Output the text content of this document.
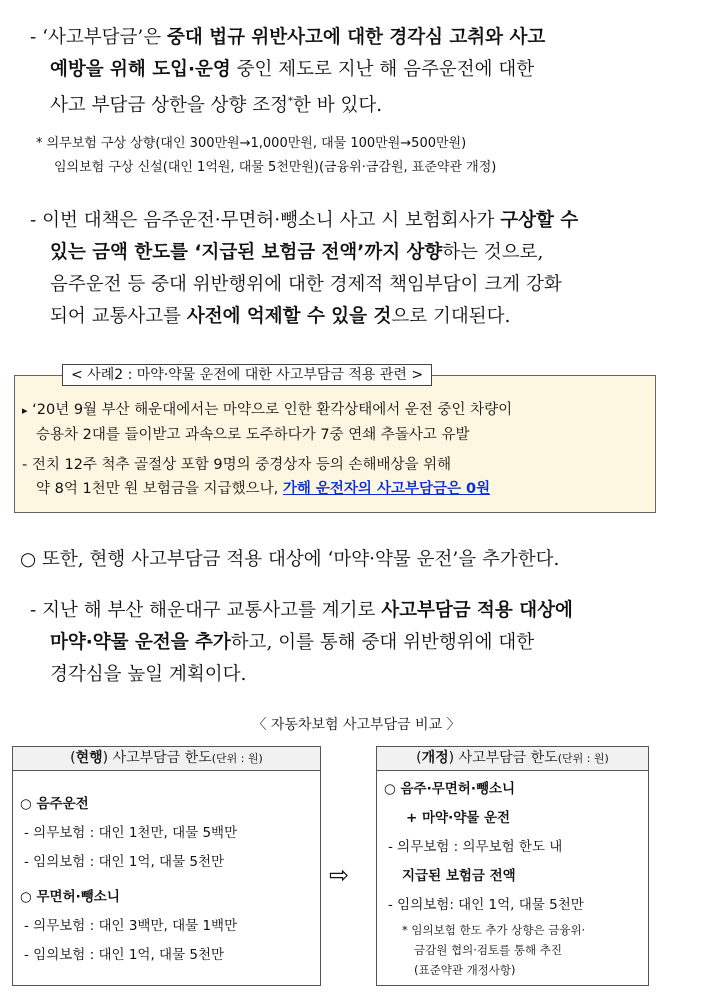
- ‘사고부담금’은 중대 법규 위반사고에 대한 경각심 고취와 사고
예방을 위해 도입·운영 중인 제도로 지난 해 음주운전에 대한
사고 부담금 상한을 상향 조정*한 바 있다.
* 의무보험 구상 상향(대인 300만원→1,000만원, 대물 100만원→500만원)
임의보험 구상 신설(대인 1억원, 대물 5천만원)(금융위·금감원, 표준약관 개정)
- 이번 대책은 음주운전·무면허·뺑소니 사고 시 보험회사가 구상할 수
있는 금액 한도를 ‘지급된 보험금 전액’까지 상향하는 것으로,
음주운전 등 중대 위반행위에 대한 경제적 책임부담이 크게 강화
되어 교통사고를 사전에 억제할 수 있을 것으로 기대된다.
< 사례2 : 마약·약물 운전에 대한 사고부담금 적용 관련 >
▸ ‘20년 9월 부산 해운대에서는 마약으로 인한 환각상태에서 운전 중인 차량이
승용차 2대를 들이받고 과속으로 도주하다가 7중 연쇄 추돌사고 유발
- 전치 12주 척추 골절상 포함 9명의 중경상자 등의 손해배상을 위해
약 8억 1천만 원 보험금을 지급했으나, 가해 운전자의 사고부담금은 0원
○ 또한, 현행 사고부담금 적용 대상에 ‘마약·약물 운전’을 추가한다.
- 지난 해 부산 해운대구 교통사고를 계기로 사고부담금 적용 대상에
마약·약물 운전을 추가하고, 이를 통해 중대 위반행위에 대한
경각심을 높일 계획이다.
〈 자동차보험 사고부담금 비교 〉
(현행) 사고부담금 한도(단위 : 원)
○ 음주운전
- 의무보험 : 대인 1천만, 대물 5백만
- 임의보험 : 대인 1억, 대물 5천만
○ 무면허·뺑소니
- 의무보험 : 대인 3백만, 대물 1백만
- 임의보험 : 대인 1억, 대물 5천만
⇨
(개정) 사고부담금 한도(단위 : 원)
○ 음주·무면허·뺑소니
+ 마약·약물 운전
- 의무보험 : 의무보험 한도 내
지급된 보험금 전액
- 임의보험: 대인 1억, 대물 5천만
* 임의보험 한도 추가 상향은 금융위·
금감원 협의·검토를 통해 추진
(표준약관 개정사항)
